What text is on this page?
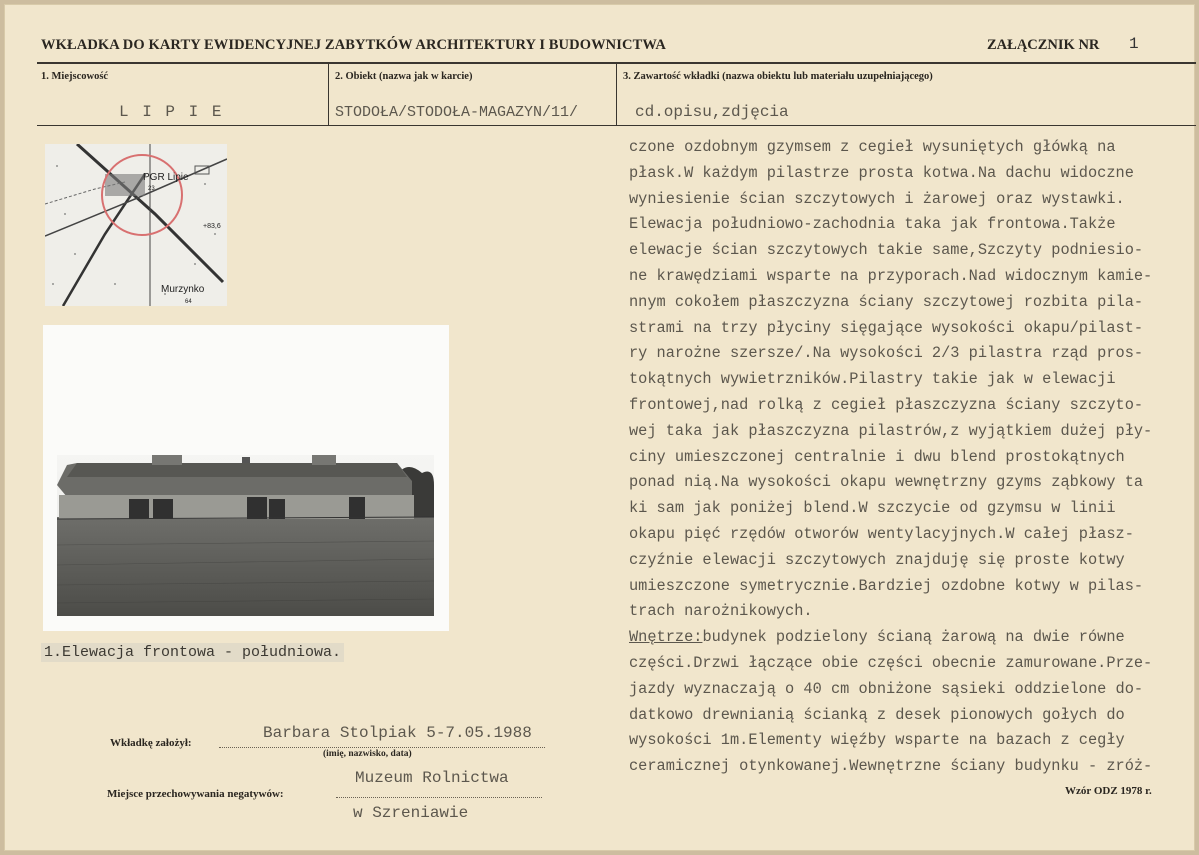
WKŁADKA DO KARTY EWIDENCYJNEJ ZABYTKÓW ARCHITEKTURY I BUDOWNICTWA	ZAŁĄCZNIK NR 1
1. Miejscowość	2. Obiekt (nazwa jak w karcie)	3. Zawartość wkładki (nazwa obiektu lub materiału uzupełniającego)
L I P I E	STODOŁA/STODOŁA-MAGAZYN/11/	cd.opisu,zdjęcia
PGR Lipie
23
+83,6
Murzynko
64
1.Elewacja frontowa - południowa.
Wkładkę założył:
Barbara Stolpiak 5-7.05.1988
(imię, nazwisko, data)
Miejsce przechowywania negatywów:
Muzeum Rolnictwa
w Szreniawie
czone ozdobnym gzymsem z cegieł wysuniętych główką na
płask.W każdym pilastrze prosta kotwa.Na dachu widoczne
wyniesienie ścian szczytowych i żarowej oraz wystawki.
Elewacja południowo-zachodnia taka jak frontowa.Także
elewacje ścian szczytowych takie same,Szczyty podniesio-
ne krawędziami wsparte na przyporach.Nad widocznym kamie-
nnym cokołem płaszczyzna ściany szczytowej rozbita pila-
strami na trzy płyciny sięgające wysokości okapu/pilast-
ry narożne szersze/.Na wysokości 2/3 pilastra rząd pros-
tokątnych wywietrzników.Pilastry takie jak w elewacji
frontowej,nad rolką z cegieł płaszczyzna ściany szczyto-
wej taka jak płaszczyzna pilastrów,z wyjątkiem dużej pły-
ciny umieszczonej centralnie i dwu blend prostokątnych
ponad nią.Na wysokości okapu wewnętrzny gzyms ząbkowy ta
ki sam jak poniżej blend.W szczycie od gzymsu w linii
okapu pięć rzędów otworów wentylacyjnych.W całej płasz-
czyźnie elewacji szczytowych znajduję się proste kotwy
umieszczone symetrycznie.Bardziej ozdobne kotwy w pilas-
trach narożnikowych.
Wnętrze:budynek podzielony ścianą żarową na dwie równe
części.Drzwi łączące obie części obecnie zamurowane.Prze-
jazdy wyznaczają o 40 cm obniżone sąsieki oddzielone do-
datkowo drewnianią ścianką z desek pionowych gołych do
wysokości 1m.Elementy więźby wsparte na bazach z cegły
ceramicznej otynkowanej.Wewnętrzne ściany budynku - zróż-
Wzór ODZ 1978 r.
